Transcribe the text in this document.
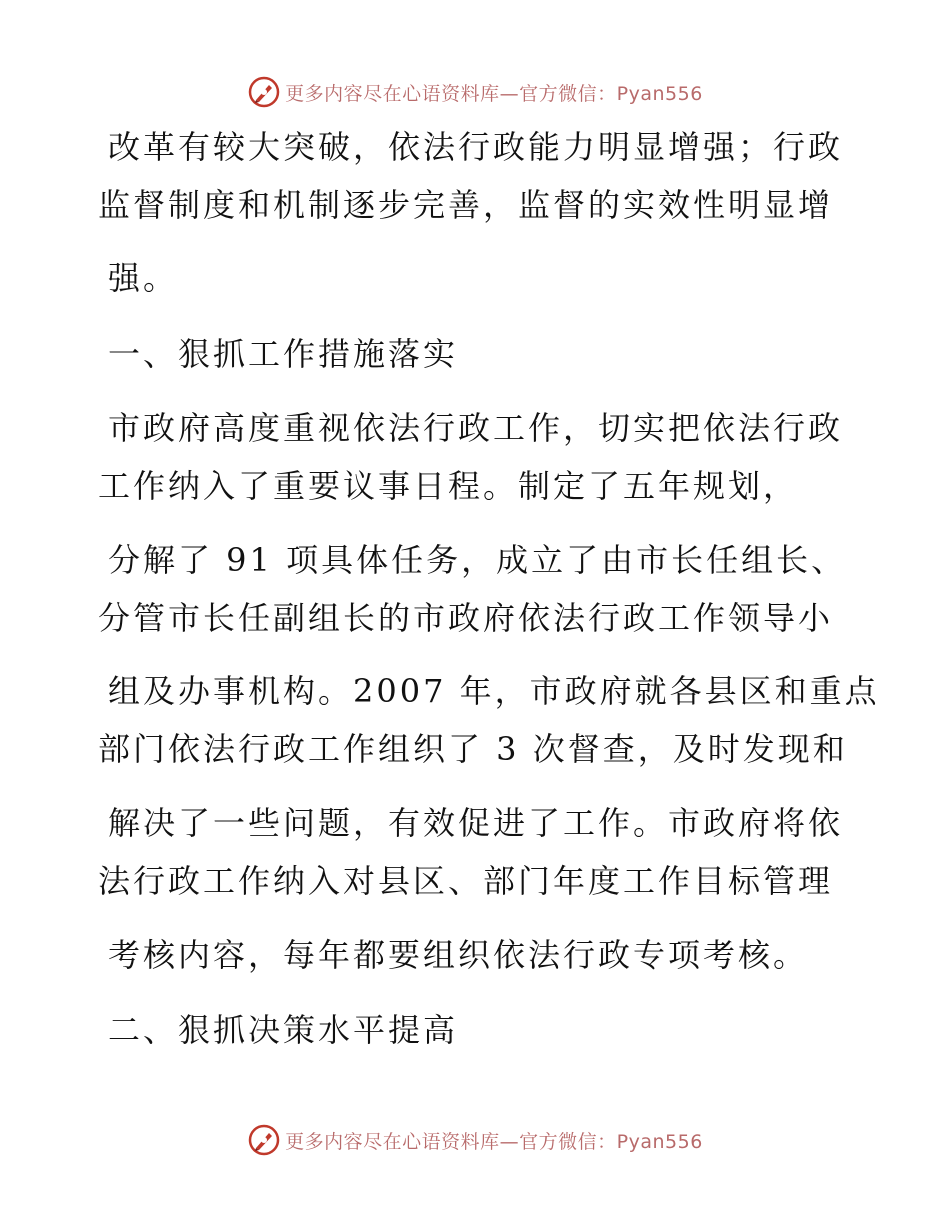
更多内容尽在心语资料库—官方微信：Pyan556
改革有较大突破，依法行政能力明显增强；行政
监督制度和机制逐步完善，监督的实效性明显增
强。
一、狠抓工作措施落实
市政府高度重视依法行政工作，切实把依法行政
工作纳入了重要议事日程。制定了五年规划，
分解了 91 项具体任务，成立了由市长任组长、
分管市长任副组长的市政府依法行政工作领导小
组及办事机构。2007 年，市政府就各县区和重点
部门依法行政工作组织了 3 次督查，及时发现和
解决了一些问题，有效促进了工作。市政府将依
法行政工作纳入对县区、部门年度工作目标管理
考核内容，每年都要组织依法行政专项考核。
二、狠抓决策水平提高
更多内容尽在心语资料库—官方微信：Pyan556
